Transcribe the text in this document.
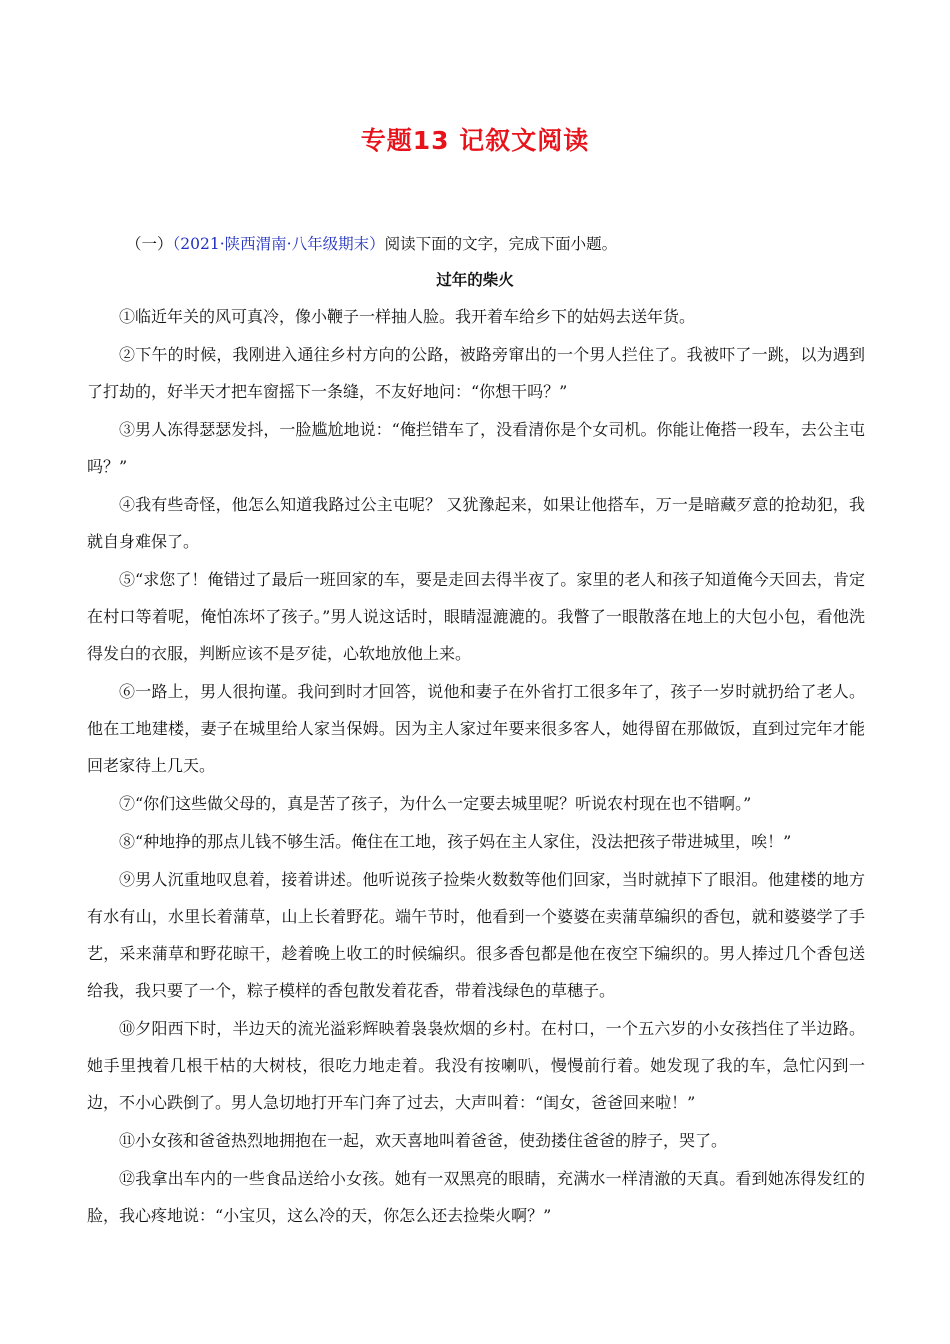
专题13 记叙文阅读
（一）（2021·陕西渭南·八年级期末）阅读下面的文字，完成下面小题。
过年的柴火

①临近年关的风可真冷，像小鞭子一样抽人脸。我开着车给乡下的姑妈去送年货。

②下午的时候，我刚进入通往乡村方向的公路，被路旁窜出的一个男人拦住了。我被吓了一跳，以为遇到了打劫的，好半天才把车窗摇下一条缝，不友好地问：“你想干吗？”

③男人冻得瑟瑟发抖，一脸尴尬地说：“俺拦错车了，没看清你是个女司机。你能让俺搭一段车，去公主屯吗？”

④我有些奇怪，他怎么知道我路过公主屯呢？ 又犹豫起来，如果让他搭车，万一是暗藏歹意的抢劫犯，我就自身难保了。

⑤“求您了！俺错过了最后一班回家的车，要是走回去得半夜了。家里的老人和孩子知道俺今天回去，肯定在村口等着呢，俺怕冻坏了孩子。”男人说这话时，眼睛湿漉漉的。我瞥了一眼散落在地上的大包小包，看他洗得发白的衣服，判断应该不是歹徒，心软地放他上来。

⑥一路上，男人很拘谨。我问到时才回答，说他和妻子在外省打工很多年了，孩子一岁时就扔给了老人。他在工地建楼，妻子在城里给人家当保姆。因为主人家过年要来很多客人，她得留在那做饭，直到过完年才能回老家待上几天。

⑦“你们这些做父母的，真是苦了孩子，为什么一定要去城里呢？听说农村现在也不错啊。”

⑧“种地挣的那点儿钱不够生活。俺住在工地，孩子妈在主人家住，没法把孩子带进城里，唉！”

⑨男人沉重地叹息着，接着讲述。他听说孩子捡柴火数数等他们回家，当时就掉下了眼泪。他建楼的地方有水有山，水里长着蒲草，山上长着野花。端午节时，他看到一个婆婆在卖蒲草编织的香包，就和婆婆学了手艺，采来蒲草和野花晾干，趁着晚上收工的时候编织。很多香包都是他在夜空下编织的。男人捧过几个香包送给我，我只要了一个，粽子模样的香包散发着花香，带着浅绿色的草穗子。

⑩夕阳西下时，半边天的流光溢彩辉映着袅袅炊烟的乡村。在村口，一个五六岁的小女孩挡住了半边路。她手里拽着几根干枯的大树枝，很吃力地走着。我没有按喇叭，慢慢前行着。她发现了我的车，急忙闪到一边，不小心跌倒了。男人急切地打开车门奔了过去，大声叫着：“闺女，爸爸回来啦！”

⑪小女孩和爸爸热烈地拥抱在一起，欢天喜地叫着爸爸，使劲搂住爸爸的脖子，哭了。

⑫我拿出车内的一些食品送给小女孩。她有一双黑亮的眼睛，充满水一样清澈的天真。看到她冻得发红的脸，我心疼地说：“小宝贝，这么冷的天，你怎么还去捡柴火啊？”
